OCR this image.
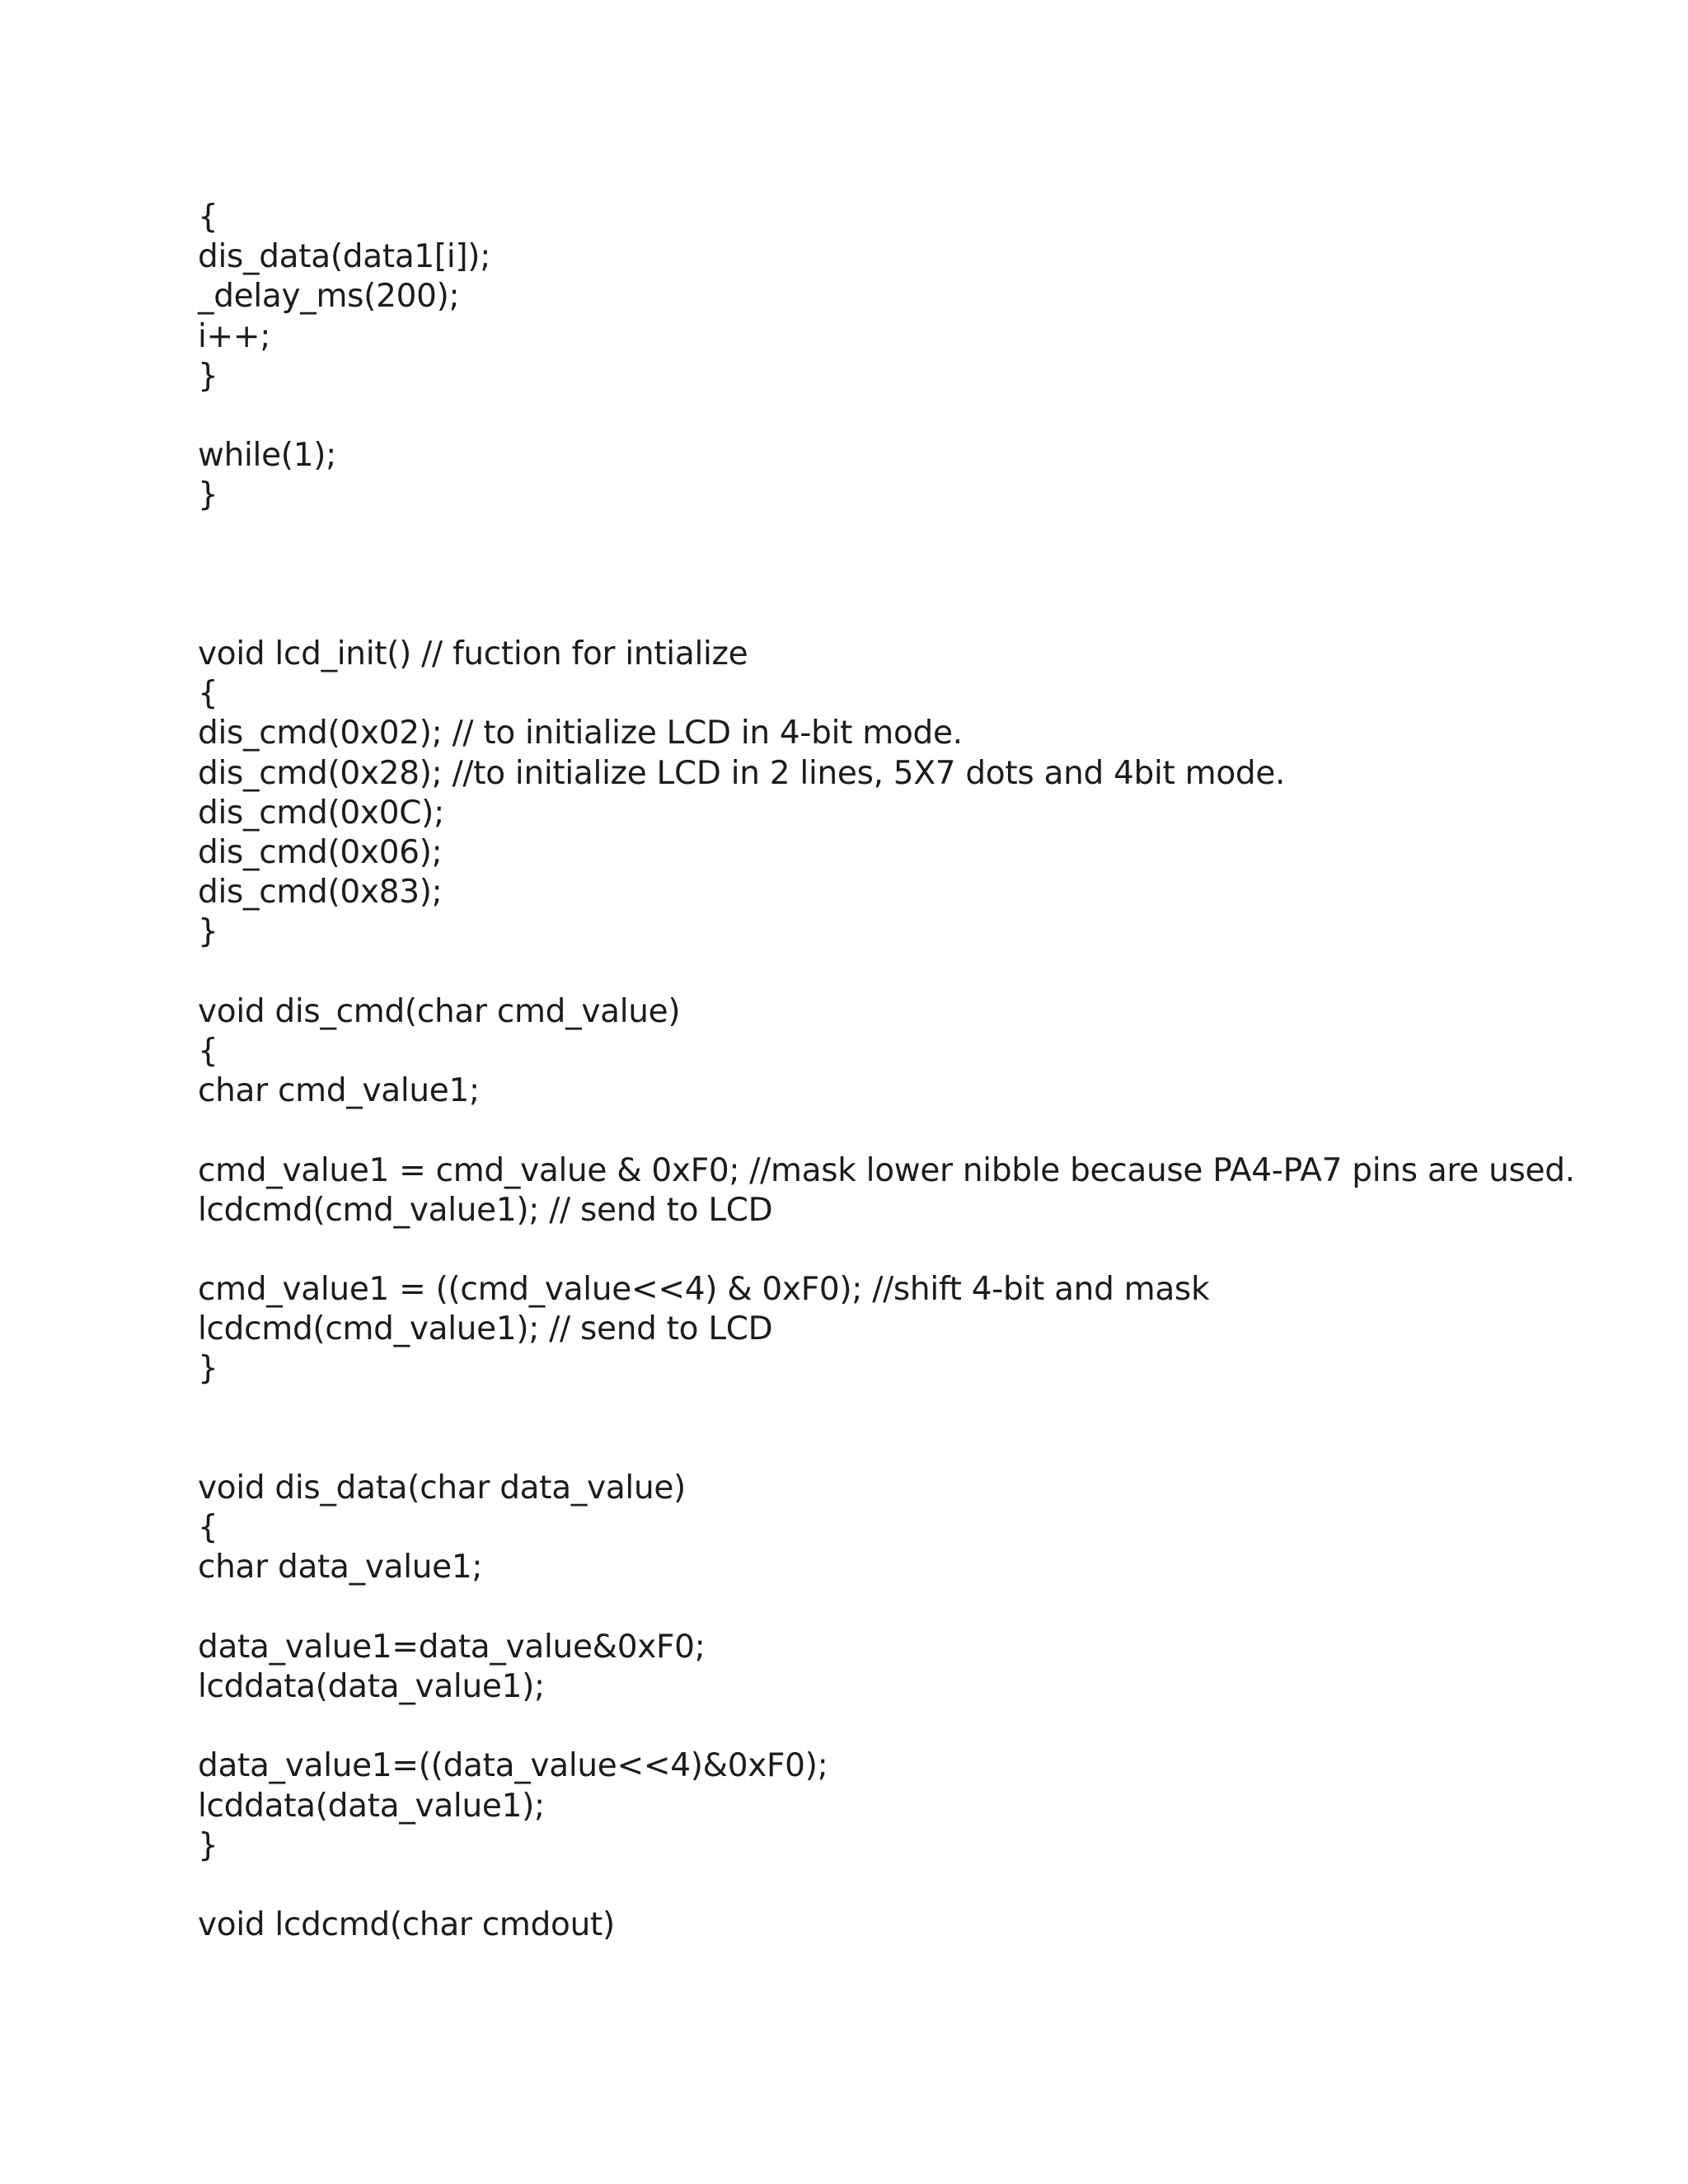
{
dis_data(data1[i]);
_delay_ms(200);
i++;
}
while(1);
}
void lcd_init() // fuction for intialize
{
dis_cmd(0x02); // to initialize LCD in 4-bit mode.
dis_cmd(0x28); //to initialize LCD in 2 lines, 5X7 dots and 4bit mode.
dis_cmd(0x0C);
dis_cmd(0x06);
dis_cmd(0x83);
}
void dis_cmd(char cmd_value)
{
char cmd_value1;
cmd_value1 = cmd_value & 0xF0; //mask lower nibble because PA4-PA7 pins are used.
lcdcmd(cmd_value1); // send to LCD
cmd_value1 = ((cmd_value<<4) & 0xF0); //shift 4-bit and mask
lcdcmd(cmd_value1); // send to LCD
}
void dis_data(char data_value)
{
char data_value1;
data_value1=data_value&0xF0;
lcddata(data_value1);
data_value1=((data_value<<4)&0xF0);
lcddata(data_value1);
}
void lcdcmd(char cmdout)
